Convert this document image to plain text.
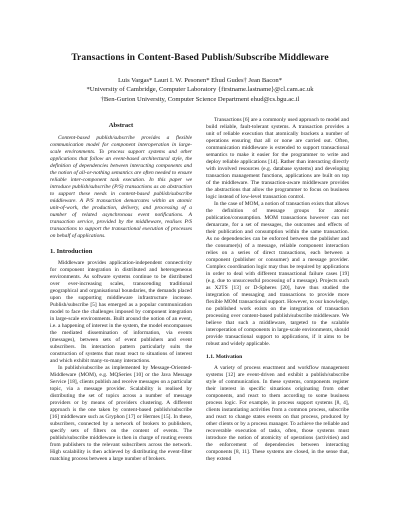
Transactions in Content-Based Publish/Subscribe Middleware
Luis Vargas* Lauri I. W. Pesonen* Ehud Gudes† Jean Bacon*
*University of Cambridge, Computer Laboratory {firstname.lastname}@cl.cam.ac.uk
†Ben-Gurion University, Computer Science Department ehud@cs.bgu.ac.il
Abstract

Content-based publish/subscribe provides a flexible communication model for component interoperation in large-scale environments. To process support systems and other applications that follow an event-based architectural style, the definition of dependencies between interacting components and the notion of all-or-nothing semantics are often needed to ensure reliable inter-component task execution. In this paper we introduce publish/subscribe (P/S) transactions as an abstraction to support these needs in content-based publish/subscribe middleware. A P/S transaction demarcates within an atomic unit-of-work, the production, delivery, and processing of a number of related asynchronous event notifications. A transaction service, provided by the middleware, realises P/S transactions to support the transactional execution of processes on behalf of applications.

1. Introduction

Middleware provides application-independent connectivity for component integration in distributed and heterogeneous environments. As software systems continue to be distributed over ever-increasing scales, transcending traditional geographical and organisational boundaries, the demands placed upon the supporting middleware infrastructure increase. Publish/subscribe [5] has emerged as a popular communication model to face the challenges imposed by component integration in large-scale environments. Built around the notion of an event, i.e. a happening of interest in the system, the model encompasses the mediated dissemination of information, via events (messages), between sets of event publishers and event subscribers. Its interaction pattern particularly suits the construction of systems that must react to situations of interest and which exhibit many-to-many interactions.

In publish/subscribe as implemented by Message-Oriented-Middleware (MOM), e.g. MQSeries [10] or the Java Message Service [18], clients publish and receive messages on a particular topic, via a message provider. Scalability is realised by distributing the set of topics across a number of message providers or by means of providers clustering. A different approach is the one taken by content-based publish/subscribe [16] middleware such as Gryphon [17] or Hermes [15]. In these, subscribers, connected by a network of brokers to publishers, specify sets of filters on the content of events. The publish/subscribe middleware is then in charge of routing events from publishers to the relevant subscribers across the network. High scalability is then achieved by distributing the event-filter matching process between a large number of brokers.

Transactions [6] are a commonly used approach to model and build reliable, fault-tolerant systems. A transaction provides a unit of reliable execution that atomically brackets a number of operations ensuring that all or none are carried out. Often, communication middleware is extended to support transactional semantics to make it easier for the programmer to write and deploy reliable applications [14]. Rather than interacting directly with involved resources (e.g. database systems) and developing transaction management functions, applications are built on top of the middleware. The transaction-aware middleware provides the abstractions that allow the programmer to focus on business logic instead of low-level transaction control.

In the case of MOM, a notion of transaction exists that allows the definition of message groups for atomic publication/consumption. MOM transactions however can not demarcate, for a set of messages, the outcomes and effects of their publication and consumption within the same transaction. As no dependencies can be enforced between the publisher and the consumer(s) of a message, reliable component interaction relies on a series of direct transactions, each between a component (publisher or consumer) and a message provider. Complex coordination logic may thus be required by applications in order to deal with different transactional failure cases [19] (e.g. due to unsuccessful processing of a message). Projects such as X2TS [13] or D-Spheres [20], have thus studied the integration of messaging and transactions to provide more flexible MOM transactional support. However, to our knowledge, no published work exists on the integration of transaction processing over content-based publish/subscribe middleware. We believe that such a middleware, targeted to the scalable interoperation of components in large-scale environments, should provide transactional support to applications, if it aims to be robust and widely applicable.

1.1. Motivation

A variety of process enactment and workflow management systems [12] are event-driven and exhibit a publish/subscribe style of communication. In these systems, components register their interest in specific situations originating from other components, and react to them according to some business process logic. For example, in process support systems [8, 4], clients instantiating activities from a common process, subscribe and react to change states events on that process, produced by other clients or by a process manager. To achieve the reliable and recoverable execution of tasks, often, those systems must introduce the notion of atomicity of operations (activities) and the enforcement of dependencies between interacting components [8, 11]. These systems are closed, in the sense that, they extend
